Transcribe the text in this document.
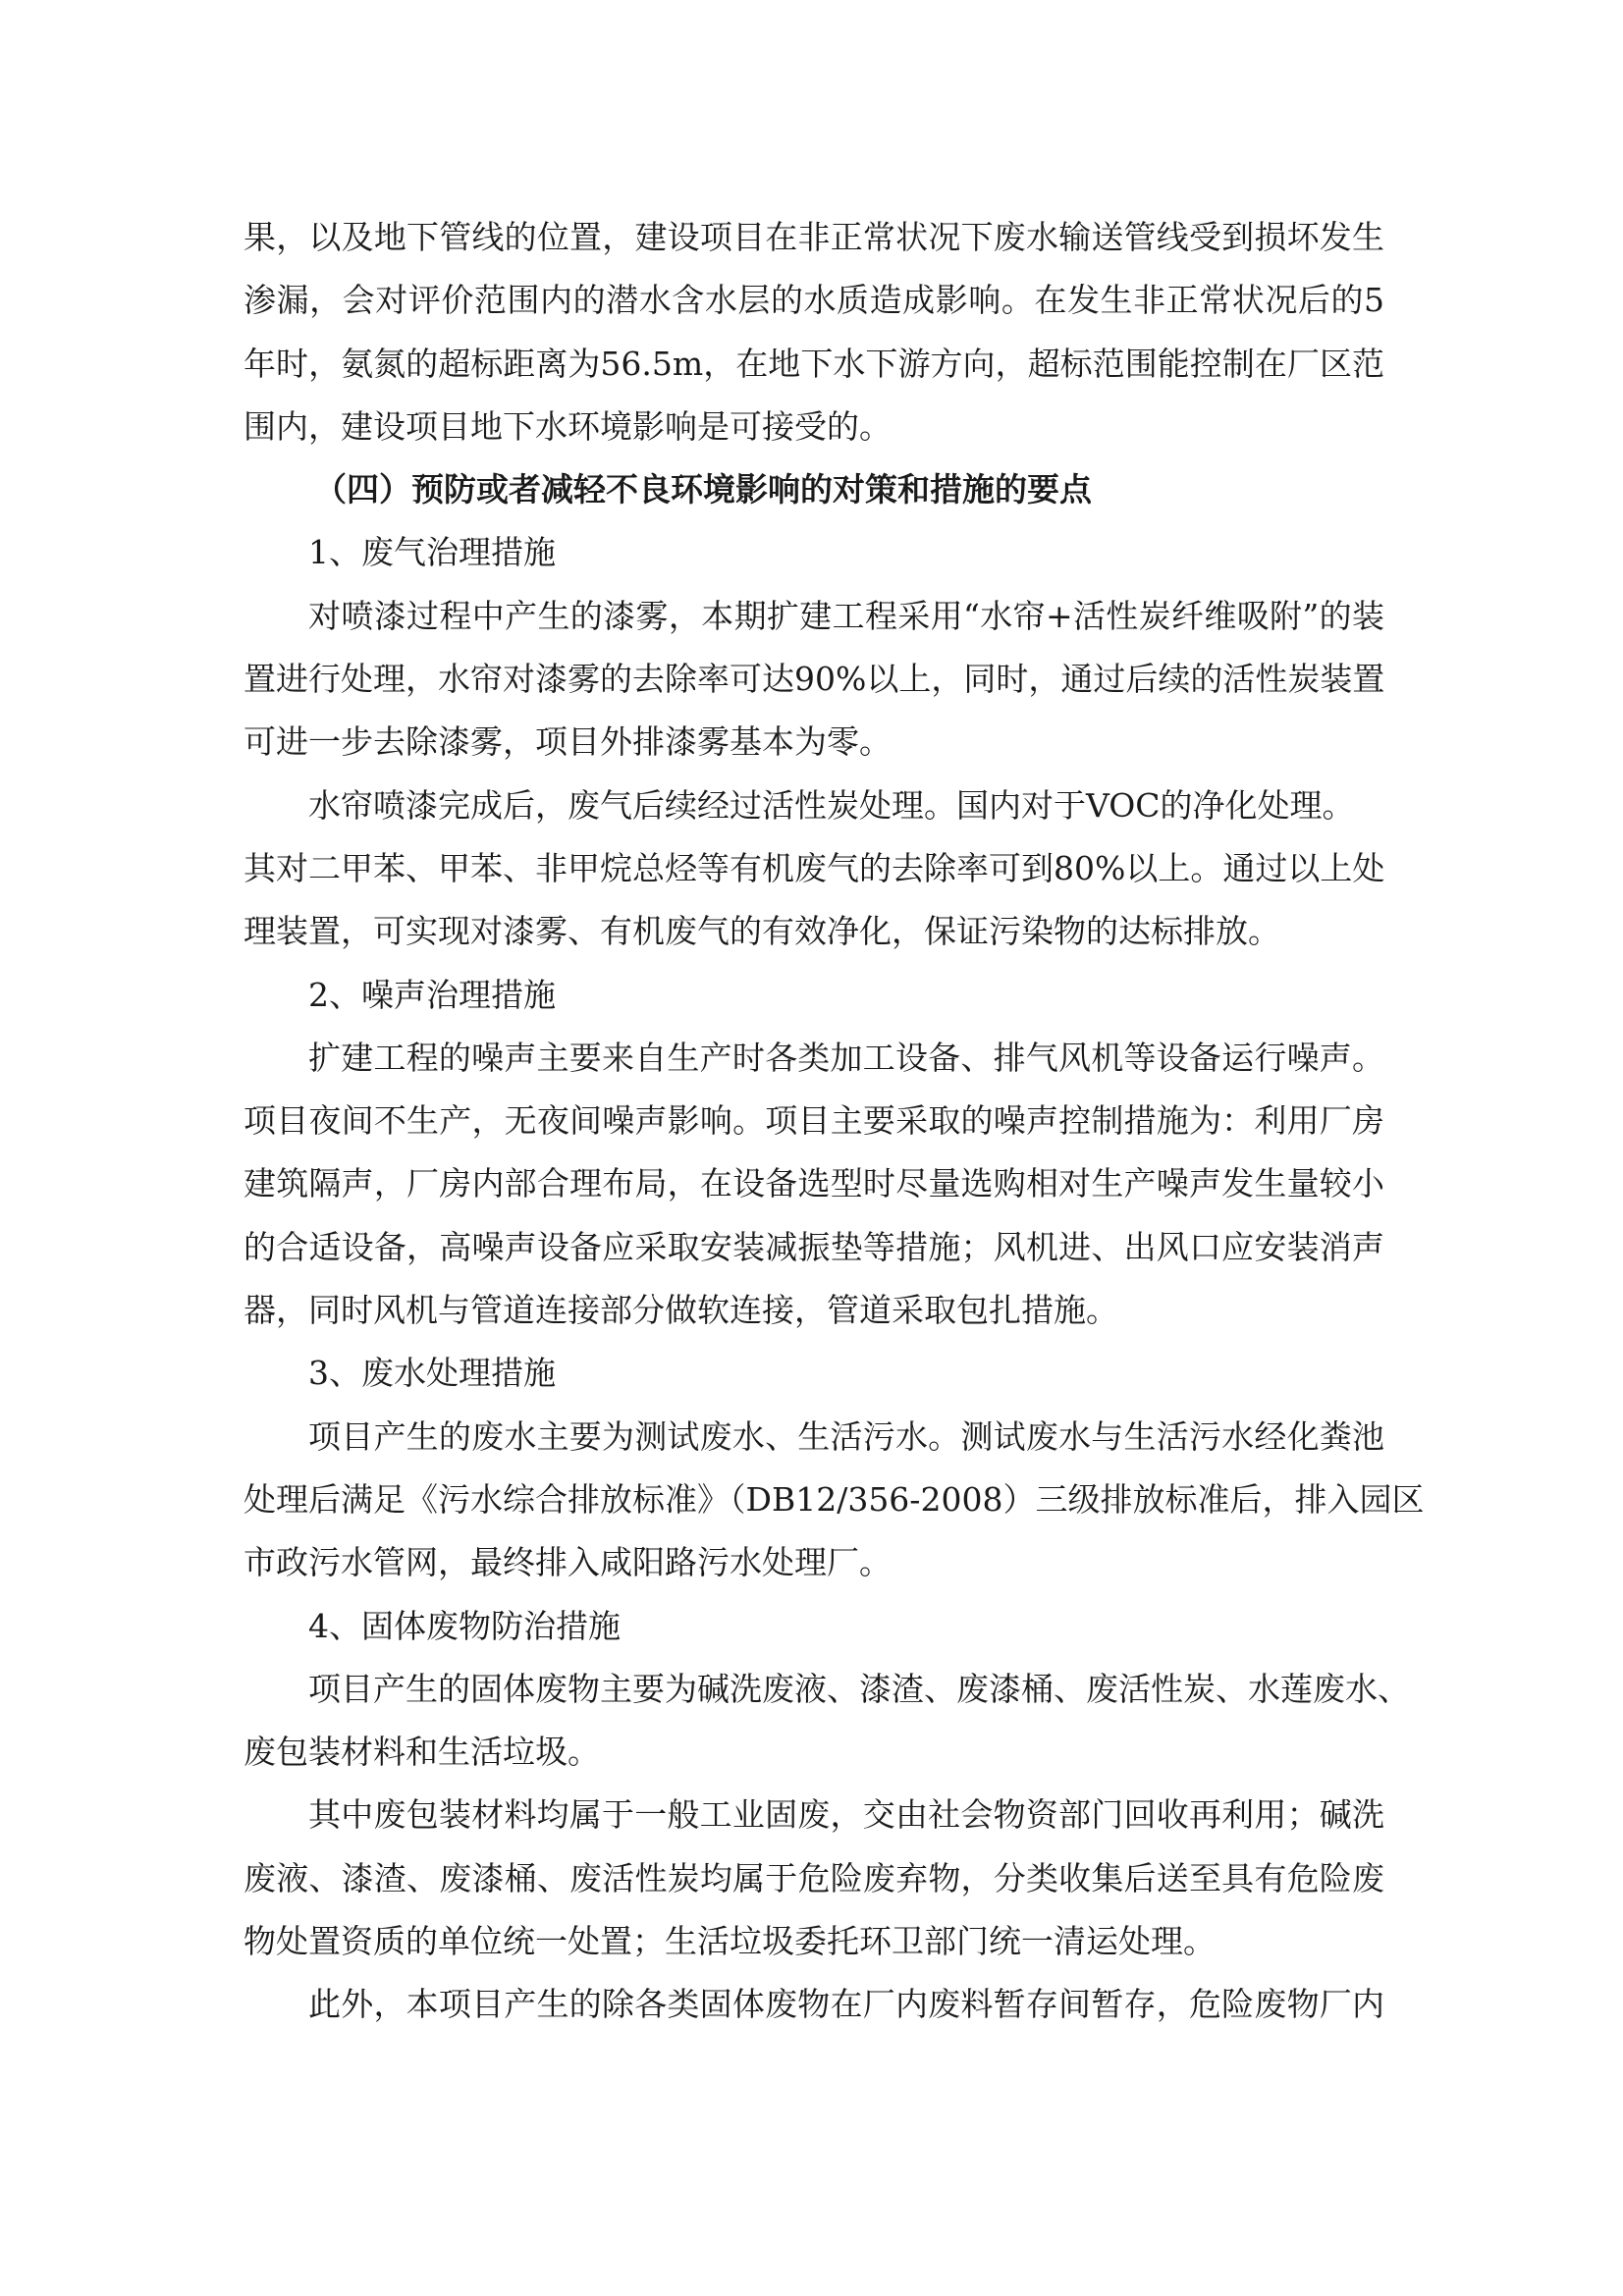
果，以及地下管线的位置，建设项目在非正常状况下废水输送管线受到损坏发生

渗漏，会对评价范围内的潜水含水层的水质造成影响。在发生非正常状况后的5

年时，氨氮的超标距离为56.5m，在地下水下游方向，超标范围能控制在厂区范

围内，建设项目地下水环境影响是可接受的。

（四）预防或者减轻不良环境影响的对策和措施的要点

1、废气治理措施

对喷漆过程中产生的漆雾，本期扩建工程采用“水帘+活性炭纤维吸附”的装

置进行处理，水帘对漆雾的去除率可达90%以上，同时，通过后续的活性炭装置

可进一步去除漆雾，项目外排漆雾基本为零。

水帘喷漆完成后，废气后续经过活性炭处理。国内对于VOC的净化处理。

其对二甲苯、甲苯、非甲烷总烃等有机废气的去除率可到80%以上。通过以上处

理装置，可实现对漆雾、有机废气的有效净化，保证污染物的达标排放。

2、噪声治理措施

扩建工程的噪声主要来自生产时各类加工设备、排气风机等设备运行噪声。

项目夜间不生产，无夜间噪声影响。项目主要采取的噪声控制措施为：利用厂房

建筑隔声，厂房内部合理布局，在设备选型时尽量选购相对生产噪声发生量较小

的合适设备，高噪声设备应采取安装减振垫等措施；风机进、出风口应安装消声

器，同时风机与管道连接部分做软连接，管道采取包扎措施。

3、废水处理措施

项目产生的废水主要为测试废水、生活污水。测试废水与生活污水经化粪池

处理后满足《污水综合排放标准》（DB12/356-2008）三级排放标准后，排入园区

市政污水管网，最终排入咸阳路污水处理厂。

4、固体废物防治措施

项目产生的固体废物主要为碱洗废液、漆渣、废漆桶、废活性炭、水莲废水、

废包装材料和生活垃圾。

其中废包装材料均属于一般工业固废，交由社会物资部门回收再利用；碱洗

废液、漆渣、废漆桶、废活性炭均属于危险废弃物，分类收集后送至具有危险废

物处置资质的单位统一处置；生活垃圾委托环卫部门统一清运处理。

此外，本项目产生的除各类固体废物在厂内废料暂存间暂存，危险废物厂内
